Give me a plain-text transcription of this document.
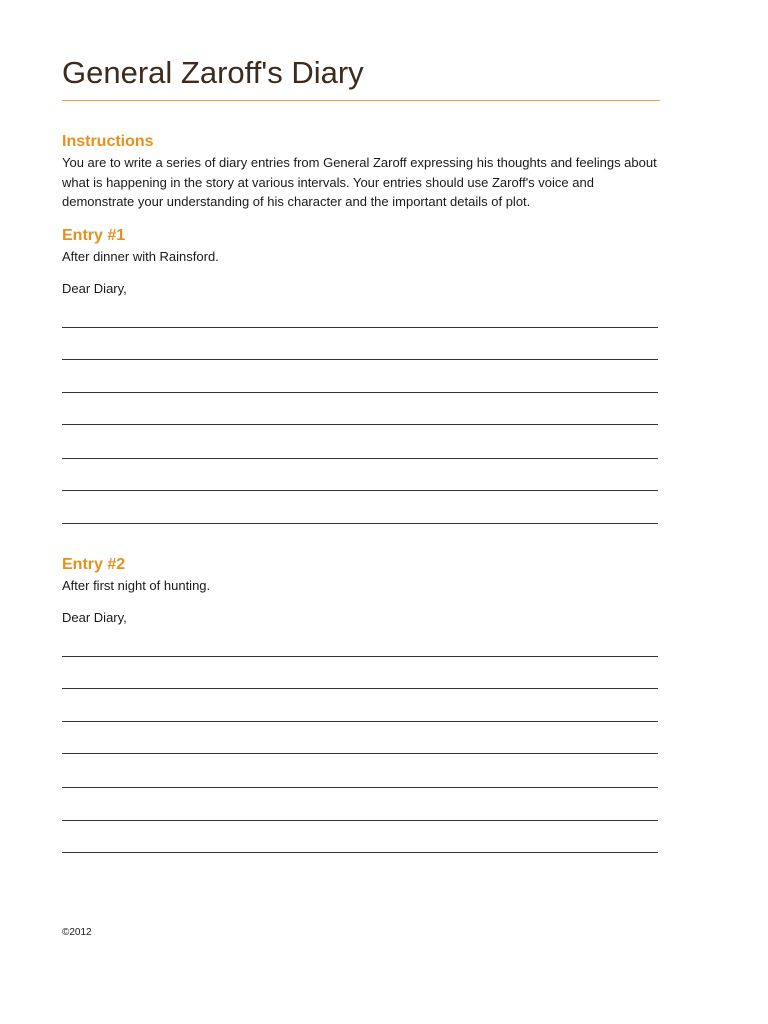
General Zaroff's Diary
Instructions

You are to write a series of diary entries from General Zaroff expressing his thoughts and feelings about what is happening in the story at various intervals. Your entries should use Zaroff's voice and demonstrate your understanding of his character and the important details of plot.

Entry #1

After dinner with Rainsford.

Dear Diary,

Entry #2

After first night of hunting.

Dear Diary,

©2012
